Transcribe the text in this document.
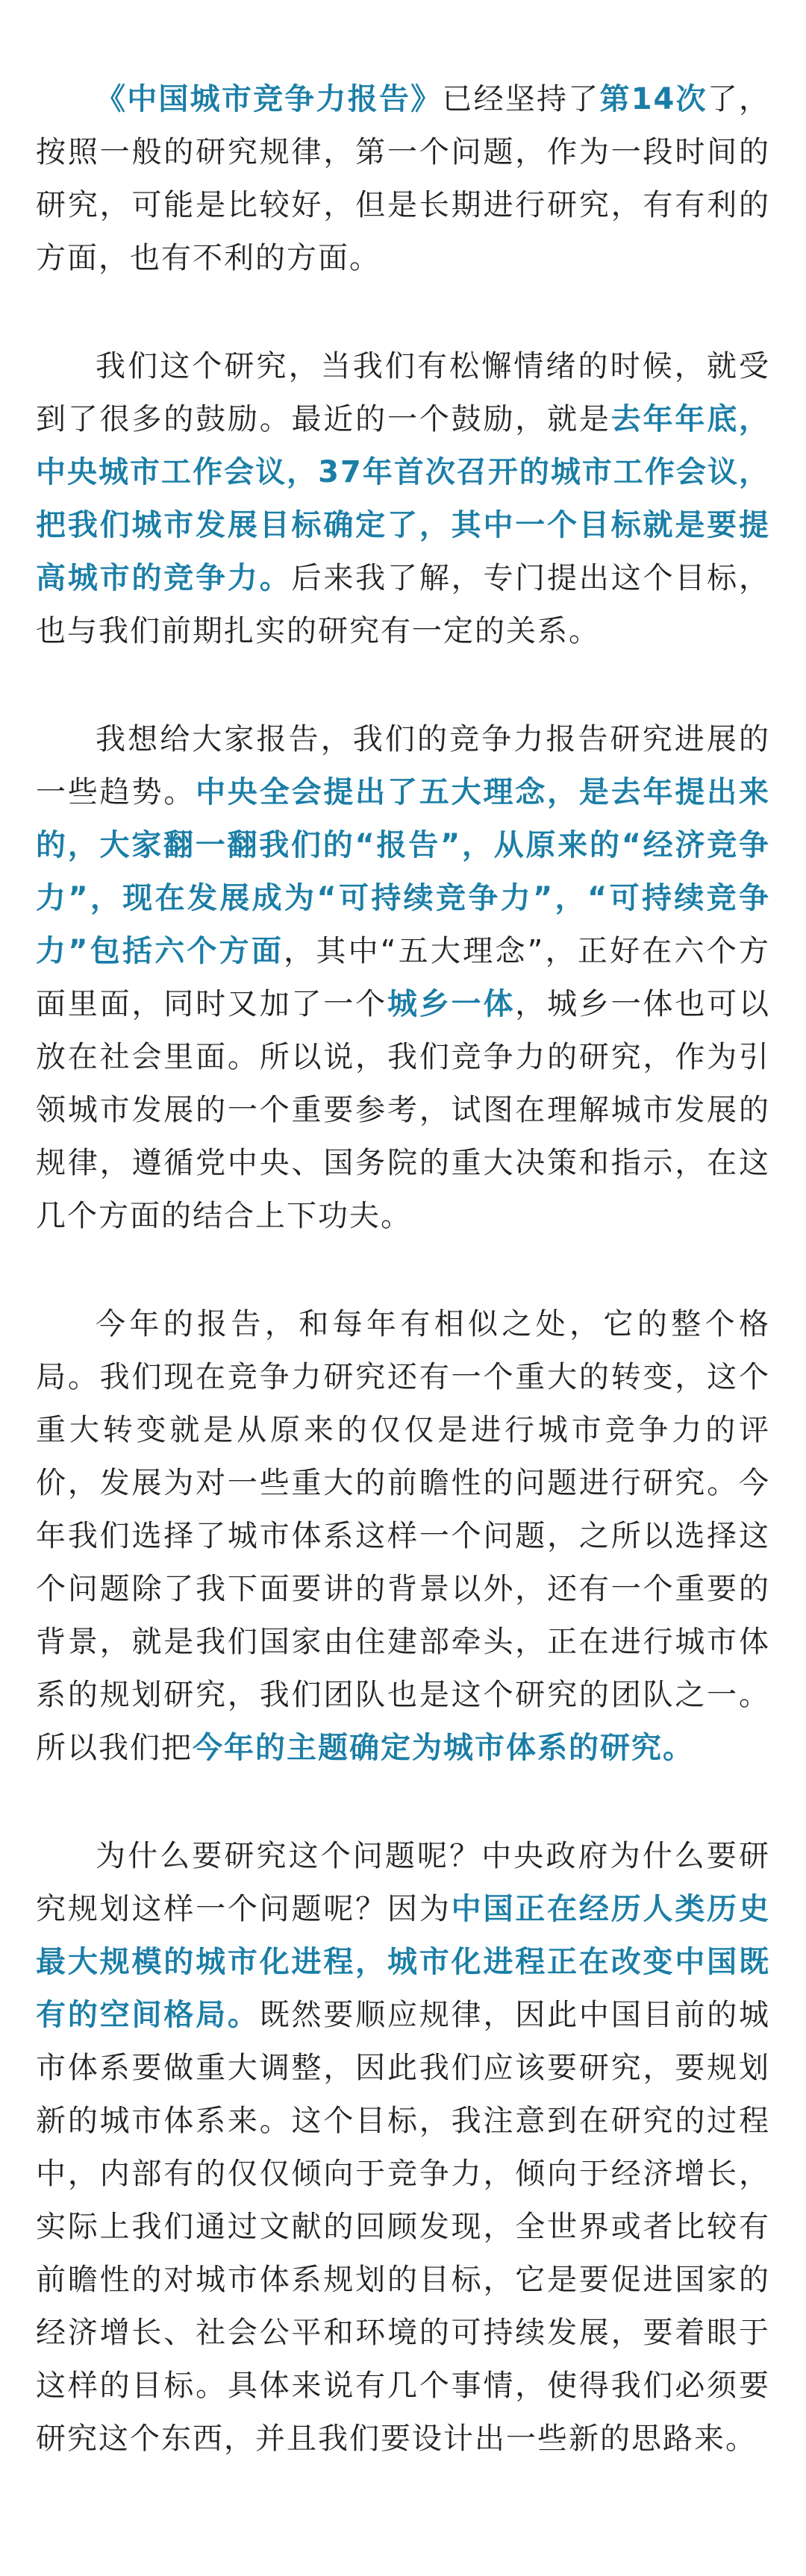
《中国城市竞争力报告》已经坚持了第14次了，按照一般的研究规律，第一个问题，作为一段时间的研究，可能是比较好，但是长期进行研究，有有利的方面，也有不利的方面。

我们这个研究，当我们有松懈情绪的时候，就受到了很多的鼓励。最近的一个鼓励，就是去年年底，中央城市工作会议，37年首次召开的城市工作会议，把我们城市发展目标确定了，其中一个目标就是要提高城市的竞争力。后来我了解，专门提出这个目标，也与我们前期扎实的研究有一定的关系。

我想给大家报告，我们的竞争力报告研究进展的一些趋势。中央全会提出了五大理念，是去年提出来的，大家翻一翻我们的“报告”，从原来的“经济竞争力”，现在发展成为“可持续竞争力”，“可持续竞争力”包括六个方面，其中“五大理念”，正好在六个方面里面，同时又加了一个城乡一体，城乡一体也可以放在社会里面。所以说，我们竞争力的研究，作为引领城市发展的一个重要参考，试图在理解城市发展的规律，遵循党中央、国务院的重大决策和指示，在这几个方面的结合上下功夫。

今年的报告，和每年有相似之处，它的整个格局。我们现在竞争力研究还有一个重大的转变，这个重大转变就是从原来的仅仅是进行城市竞争力的评价，发展为对一些重大的前瞻性的问题进行研究。今年我们选择了城市体系这样一个问题，之所以选择这个问题除了我下面要讲的背景以外，还有一个重要的背景，就是我们国家由住建部牵头，正在进行城市体系的规划研究，我们团队也是这个研究的团队之一。所以我们把今年的主题确定为城市体系的研究。

为什么要研究这个问题呢？中央政府为什么要研究规划这样一个问题呢？因为中国正在经历人类历史最大规模的城市化进程，城市化进程正在改变中国既有的空间格局。既然要顺应规律，因此中国目前的城市体系要做重大调整，因此我们应该要研究，要规划新的城市体系来。这个目标，我注意到在研究的过程中，内部有的仅仅倾向于竞争力，倾向于经济增长，实际上我们通过文献的回顾发现，全世界或者比较有前瞻性的对城市体系规划的目标，它是要促进国家的经济增长、社会公平和环境的可持续发展，要着眼于这样的目标。具体来说有几个事情，使得我们必须要研究这个东西，并且我们要设计出一些新的思路来。
